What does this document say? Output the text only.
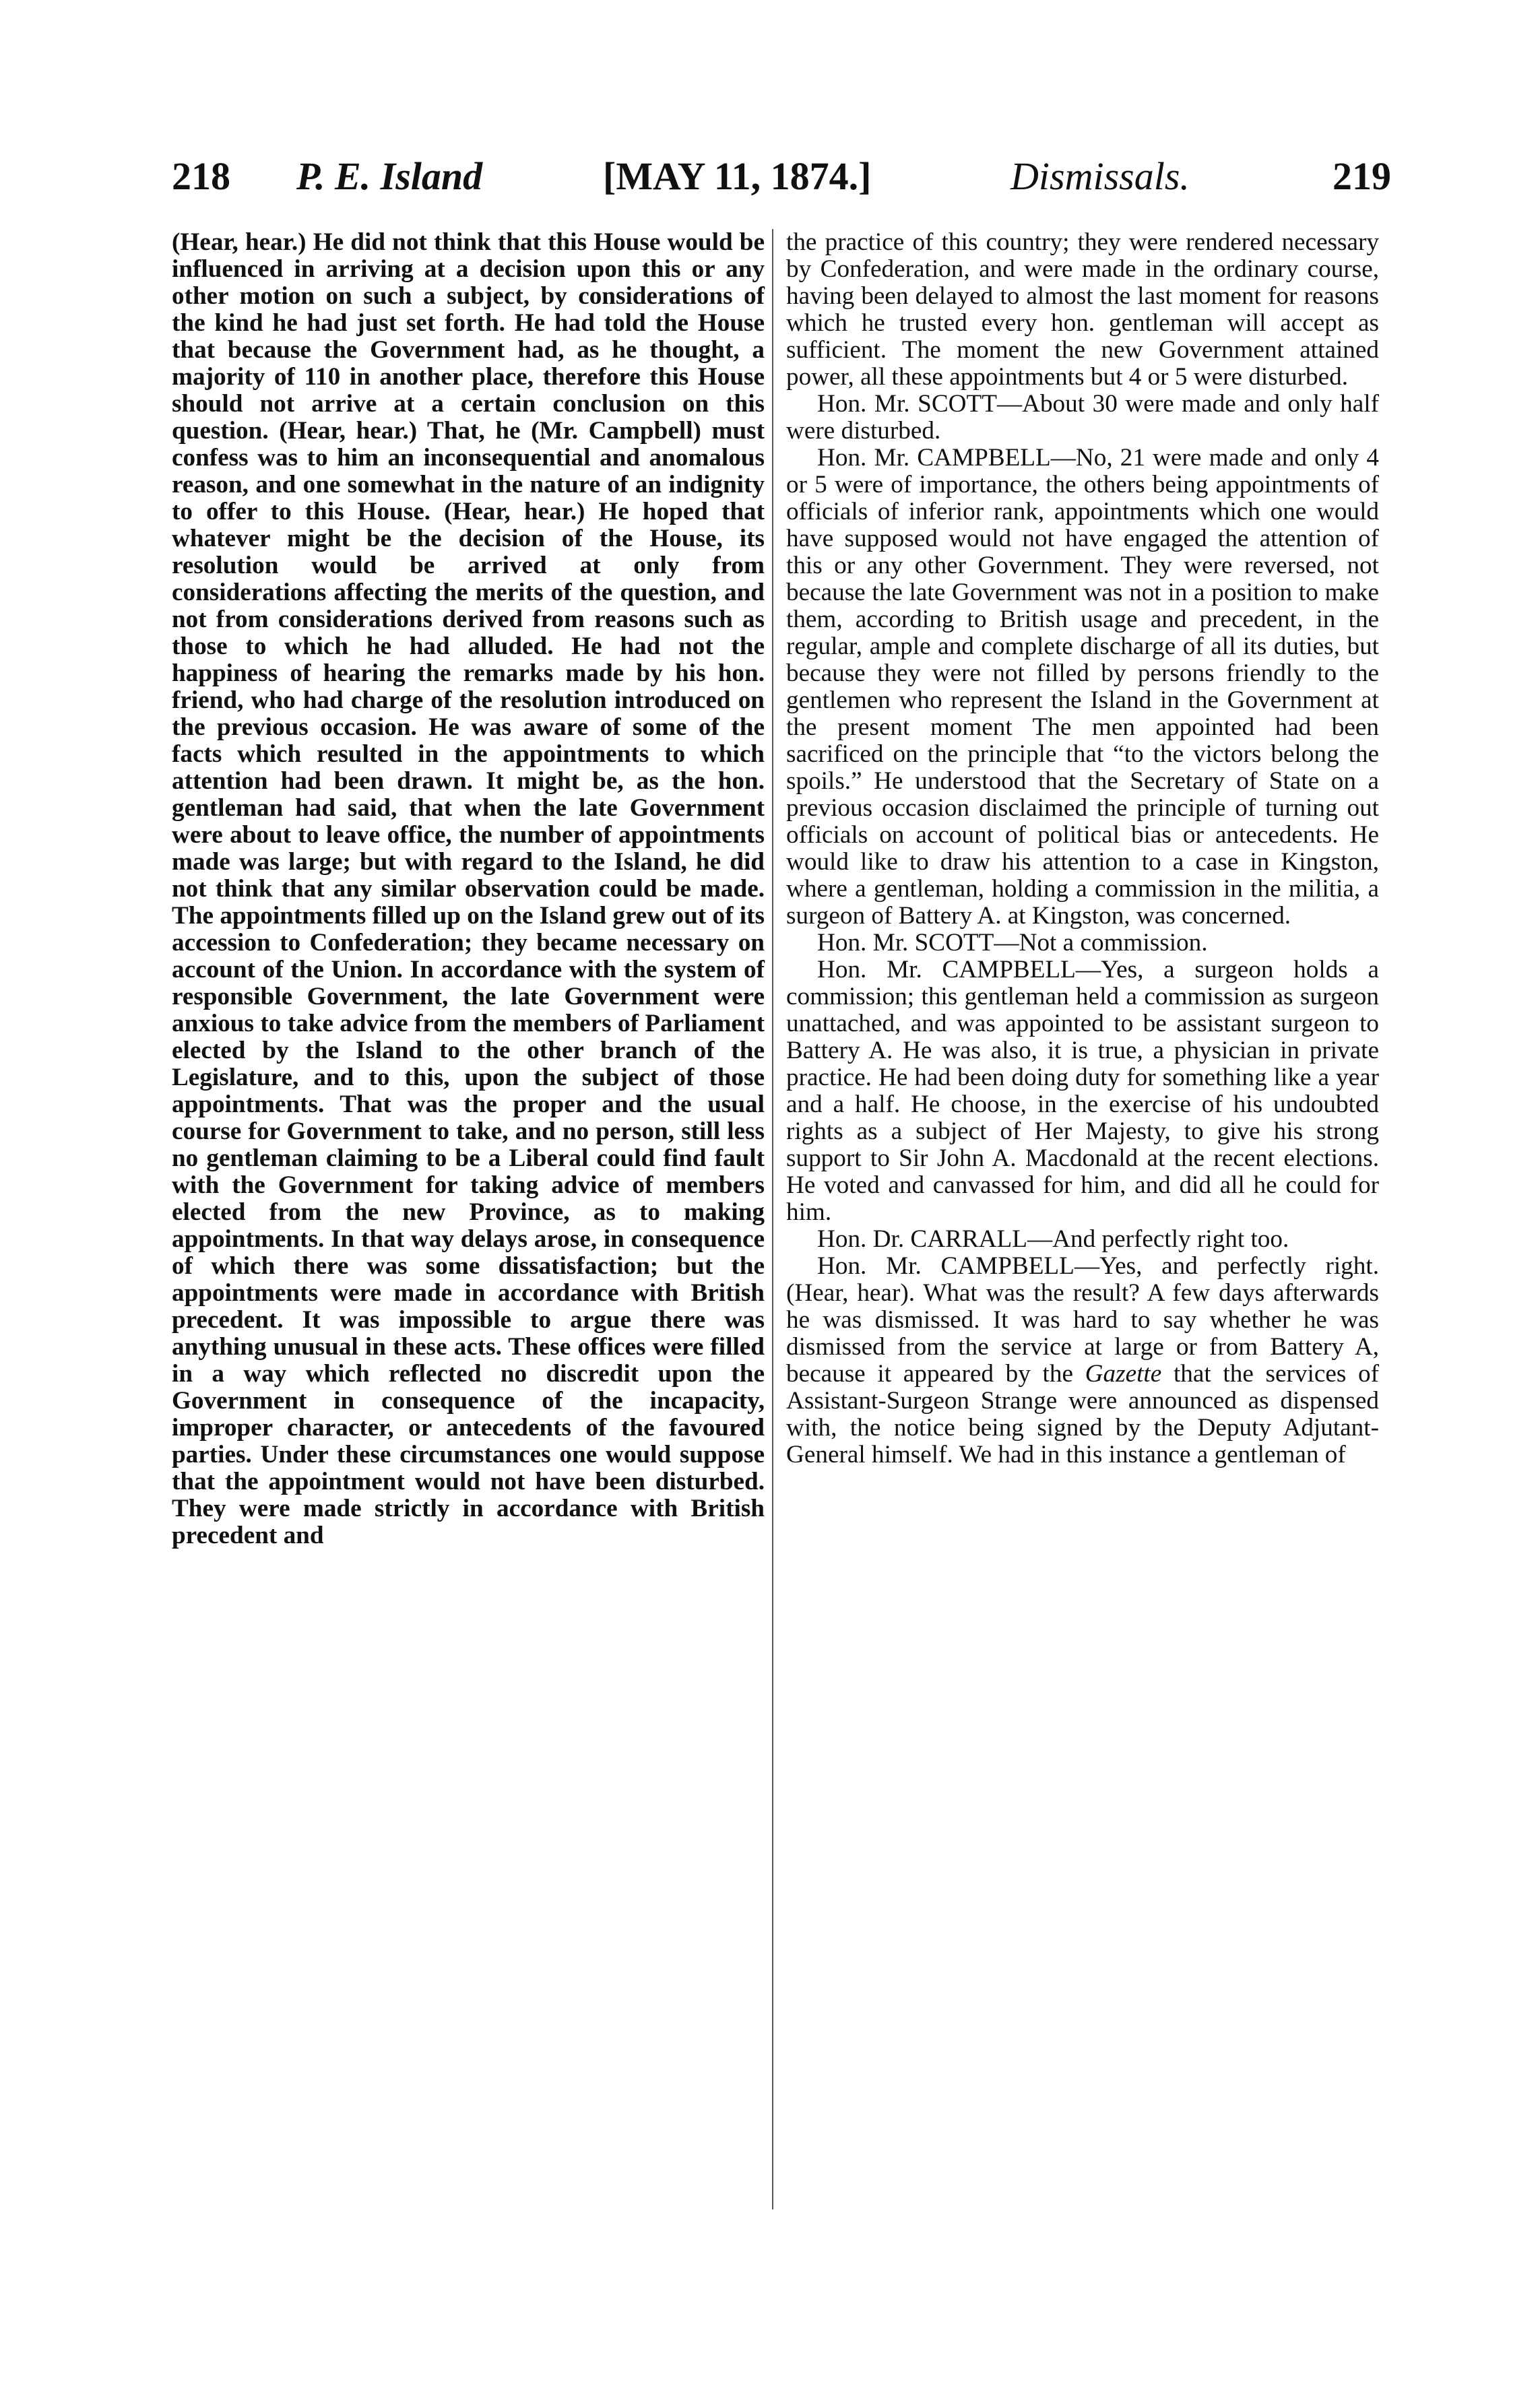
218 P. E. Island	[MAY 11, 1874.]	Dismissals.	219

(Hear, hear.) He did not think that this House would be influenced in arriving at a decision upon this or any other motion on such a subject, by considerations of the kind he had just set forth. He had told the House that because the Government had, as he thought, a majority of 110 in another place, therefore this House should not arrive at a certain conclusion on this question. (Hear, hear.) That, he (Mr. Campbell) must confess was to him an inconsequential and anomalous reason, and one somewhat in the nature of an indignity to offer to this House. (Hear, hear.) He hoped that whatever might be the decision of the House, its resolution would be arrived at only from considerations affecting the merits of the question, and not from considerations derived from reasons such as those to which he had alluded. He had not the happiness of hearing the remarks made by his hon. friend, who had charge of the resolution introduced on the previous occasion. He was aware of some of the facts which resulted in the appointments to which attention had been drawn. It might be, as the hon. gentleman had said, that when the late Government were about to leave office, the number of appointments made was large; but with regard to the Island, he did not think that any similar observation could be made. The appointments filled up on the Island grew out of its accession to Confederation; they became necessary on account of the Union. In accordance with the system of responsible Government, the late Government were anxious to take advice from the members of Parliament elected by the Island to the other branch of the Legislature, and to this, upon the subject of those appointments. That was the proper and the usual course for Government to take, and no person, still less no gentleman claiming to be a Liberal could find fault with the Government for taking advice of members elected from the new Province, as to making appointments. In that way delays arose, in consequence of which there was some dissatisfaction; but the appointments were made in accordance with British precedent. It was impossible to argue there was anything unusual in these acts. These offices were filled in a way which reflected no discredit upon the Government in consequence of the incapacity, improper character, or antecedents of the favoured parties. Under these circumstances one would suppose that the appointment would not have been disturbed. They were made strictly in accordance with British precedent and

the practice of this country; they were rendered necessary by Confederation, and were made in the ordinary course, having been delayed to almost the last moment for reasons which he trusted every hon. gentleman will accept as sufficient. The moment the new Government attained power, all these appointments but 4 or 5 were disturbed.

Hon. Mr. SCOTT—About 30 were made and only half were disturbed.

Hon. Mr. CAMPBELL—No, 21 were made and only 4 or 5 were of importance, the others being appointments of officials of inferior rank, appointments which one would have supposed would not have engaged the attention of this or any other Government. They were reversed, not because the late Government was not in a position to make them, according to British usage and precedent, in the regular, ample and complete discharge of all its duties, but because they were not filled by persons friendly to the gentlemen who represent the Island in the Government at the present moment The men appointed had been sacrificed on the principle that “to the victors belong the spoils.” He understood that the Secretary of State on a previous occasion disclaimed the principle of turning out officials on account of political bias or antecedents. He would like to draw his attention to a case in Kingston, where a gentleman, holding a commission in the militia, a surgeon of Battery A. at Kingston, was concerned.

Hon. Mr. SCOTT—Not a commission.

Hon. Mr. CAMPBELL—Yes, a surgeon holds a commission; this gentleman held a commission as surgeon unattached, and was appointed to be assistant surgeon to Battery A. He was also, it is true, a physician in private practice. He had been doing duty for something like a year and a half. He choose, in the exercise of his undoubted rights as a subject of Her Majesty, to give his strong support to Sir John A. Macdonald at the recent elections. He voted and canvassed for him, and did all he could for him.

Hon. Dr. CARRALL—And perfectly right too.

Hon. Mr. CAMPBELL—Yes, and perfectly right. (Hear, hear). What was the result? A few days afterwards he was dismissed. It was hard to say whether he was dismissed from the service at large or from Battery A, because it appeared by the Gazette that the services of Assistant-Surgeon Strange were announced as dispensed with, the notice being signed by the Deputy Adjutant-General himself. We had in this instance a gentleman of
